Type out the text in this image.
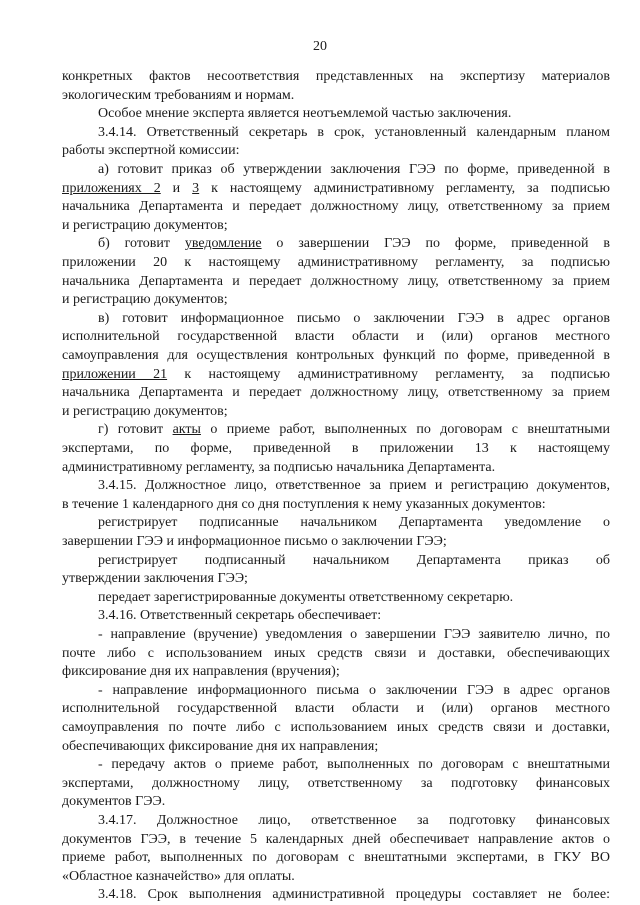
20
конкретных фактов несоответствия представленных на экспертизу материалов
экологическим требованиям и нормам.
Особое мнение эксперта является неотъемлемой частью заключения.
3.4.14. Ответственный секретарь в срок, установленный календарным планом
работы экспертной комиссии:
а) готовит приказ об утверждении заключения ГЭЭ по форме, приведенной в
приложениях 2 и 3 к настоящему административному регламенту, за подписью
начальника Департамента и передает должностному лицу, ответственному за прием
и регистрацию документов;
б) готовит уведомление о завершении ГЭЭ по форме, приведенной в
приложении 20 к настоящему административному регламенту, за подписью
начальника Департамента и передает должностному лицу, ответственному за прием
и регистрацию документов;
в) готовит информационное письмо о заключении ГЭЭ в адрес органов
исполнительной государственной власти области и (или) органов местного
самоуправления для осуществления контрольных функций по форме, приведенной в
приложении 21 к настоящему административному регламенту, за подписью
начальника Департамента и передает должностному лицу, ответственному за прием
и регистрацию документов;
г) готовит акты о приеме работ, выполненных по договорам с внештатными
экспертами, по форме, приведенной в приложении 13 к настоящему
административному регламенту, за подписью начальника Департамента.
3.4.15. Должностное лицо, ответственное за прием и регистрацию документов,
в течение 1 календарного дня со дня поступления к нему указанных документов:
регистрирует подписанные начальником Департамента уведомление о
завершении ГЭЭ и информационное письмо о заключении ГЭЭ;
регистрирует подписанный начальником Департамента приказ об
утверждении заключения ГЭЭ;
передает зарегистрированные документы ответственному секретарю.
3.4.16. Ответственный секретарь обеспечивает:
- направление (вручение) уведомления о завершении ГЭЭ заявителю лично, по
почте либо с использованием иных средств связи и доставки, обеспечивающих
фиксирование дня их направления (вручения);
- направление информационного письма о заключении ГЭЭ в адрес органов
исполнительной государственной власти области и (или) органов местного
самоуправления по почте либо с использованием иных средств связи и доставки,
обеспечивающих фиксирование дня их направления;
- передачу актов о приеме работ, выполненных по договорам с внештатными
экспертами, должностному лицу, ответственному за подготовку финансовых
документов ГЭЭ.
3.4.17. Должностное лицо, ответственное за подготовку финансовых
документов ГЭЭ, в течение 5 календарных дней обеспечивает направление актов о
приеме работ, выполненных по договорам с внештатными экспертами, в ГКУ ВО
«Областное казначейство» для оплаты.
3.4.18. Срок выполнения административной процедуры составляет не более:
